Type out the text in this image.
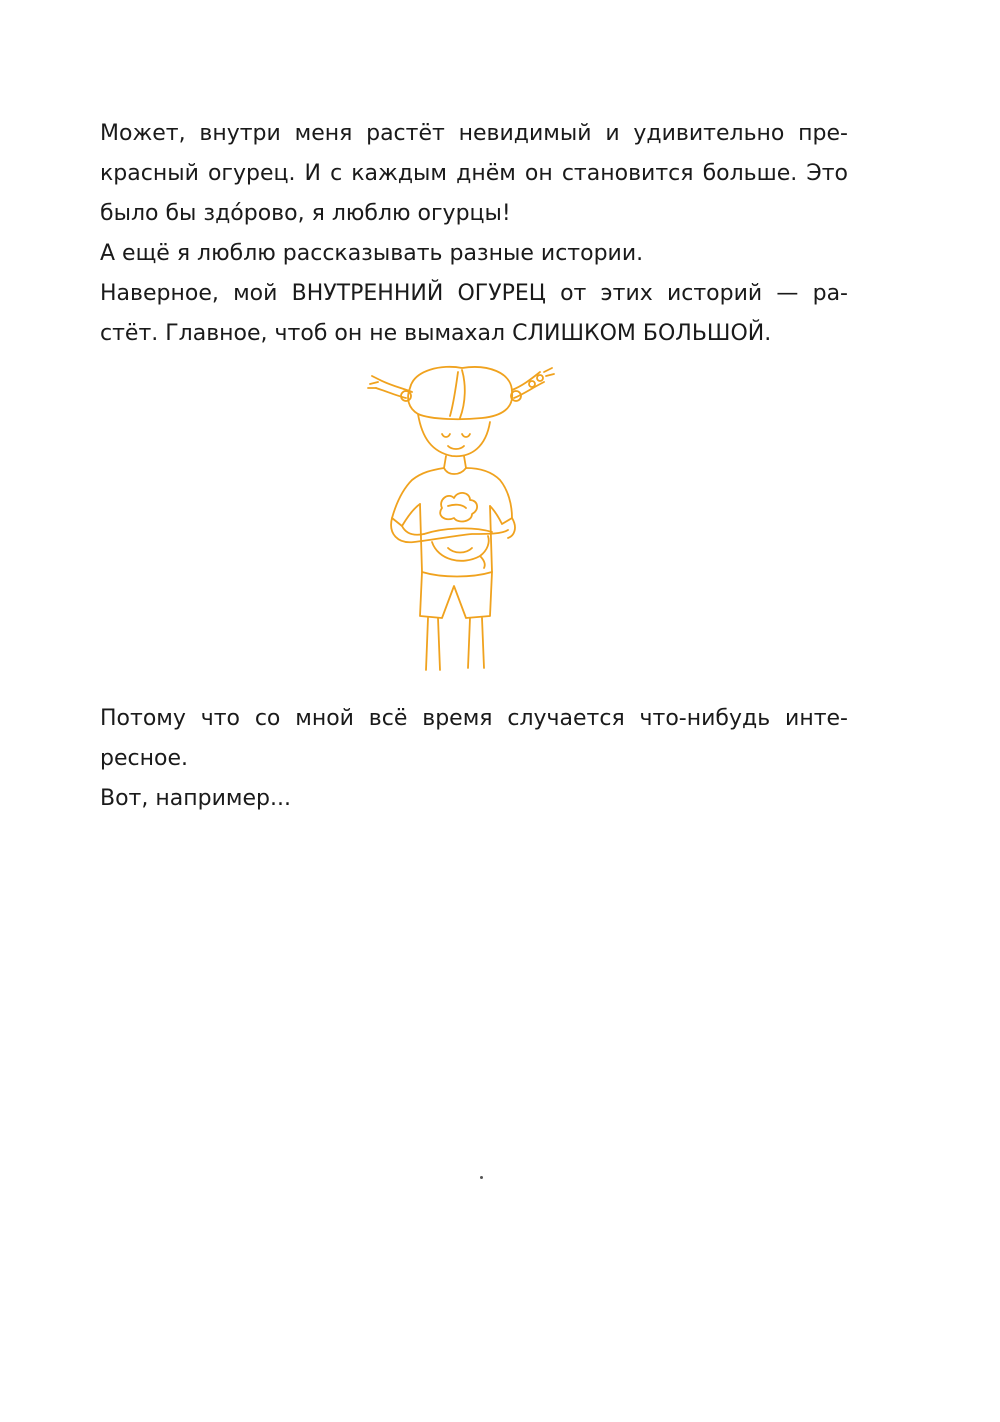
Может, внутри меня растёт невидимый и удивительно пре-
красный огурец. И с каждым днём он становится больше. Это
было бы здóрово, я люблю огурцы!
А ещё я люблю рассказывать разные истории.
Наверное, мой ВНУТРЕННИЙ ОГУРЕЦ от этих историй — ра-
стёт. Главное, чтоб он не вымахал СЛИШКОМ БОЛЬШОЙ.
Потому что со мной всё время случается что-нибудь инте-
ресное.
Вот, например...
